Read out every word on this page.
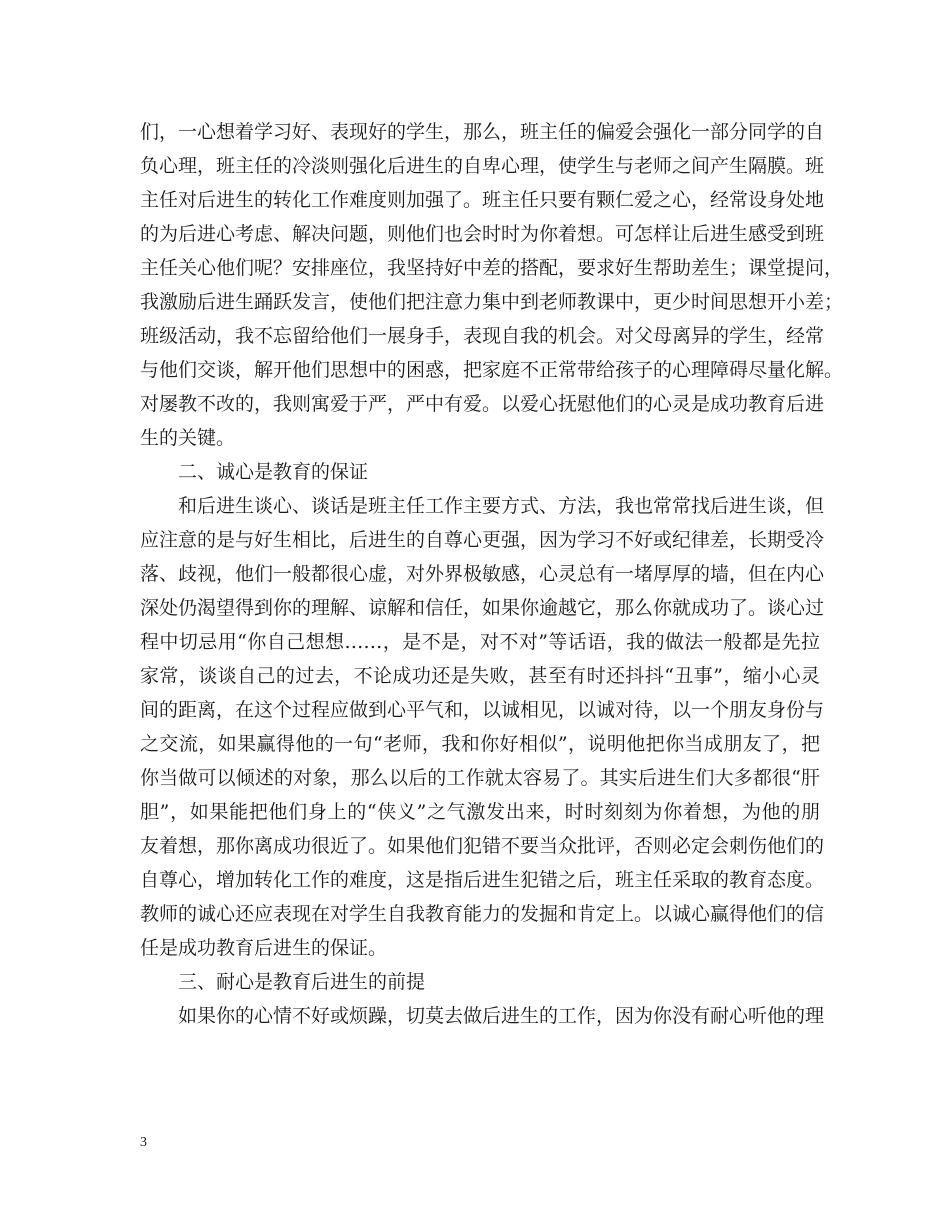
们，一心想着学习好、表现好的学生，那么，班主任的偏爱会强化一部分同学的自
负心理，班主任的冷淡则强化后进生的自卑心理，使学生与老师之间产生隔膜。班
主任对后进生的转化工作难度则加强了。班主任只要有颗仁爱之心，经常设身处地
的为后进心考虑、解决问题，则他们也会时时为你着想。可怎样让后进生感受到班
主任关心他们呢？安排座位，我坚持好中差的搭配，要求好生帮助差生；课堂提问，
我激励后进生踊跃发言，使他们把注意力集中到老师教课中，更少时间思想开小差；
班级活动，我不忘留给他们一展身手，表现自我的机会。对父母离异的学生，经常
与他们交谈，解开他们思想中的困惑，把家庭不正常带给孩子的心理障碍尽量化解。
对屡教不改的，我则寓爱于严，严中有爱。以爱心抚慰他们的心灵是成功教育后进
生的关键。
二、诚心是教育的保证
和后进生谈心、谈话是班主任工作主要方式、方法，我也常常找后进生谈，但
应注意的是与好生相比，后进生的自尊心更强，因为学习不好或纪律差，长期受冷
落、歧视，他们一般都很心虚，对外界极敏感，心灵总有一堵厚厚的墙，但在内心
深处仍渴望得到你的理解、谅解和信任，如果你逾越它，那么你就成功了。谈心过
程中切忌用“你自己想想……，是不是，对不对”等话语，我的做法一般都是先拉
家常，谈谈自己的过去，不论成功还是失败，甚至有时还抖抖“丑事”，缩小心灵
间的距离，在这个过程应做到心平气和，以诚相见，以诚对待，以一个朋友身份与
之交流，如果赢得他的一句“老师，我和你好相似”，说明他把你当成朋友了，把
你当做可以倾述的对象，那么以后的工作就太容易了。其实后进生们大多都很“肝
胆”，如果能把他们身上的“侠义”之气激发出来，时时刻刻为你着想，为他的朋
友着想，那你离成功很近了。如果他们犯错不要当众批评，否则必定会刺伤他们的
自尊心，增加转化工作的难度，这是指后进生犯错之后，班主任采取的教育态度。
教师的诚心还应表现在对学生自我教育能力的发掘和肯定上。以诚心赢得他们的信
任是成功教育后进生的保证。
三、耐心是教育后进生的前提
如果你的心情不好或烦躁，切莫去做后进生的工作，因为你没有耐心听他的理
3
